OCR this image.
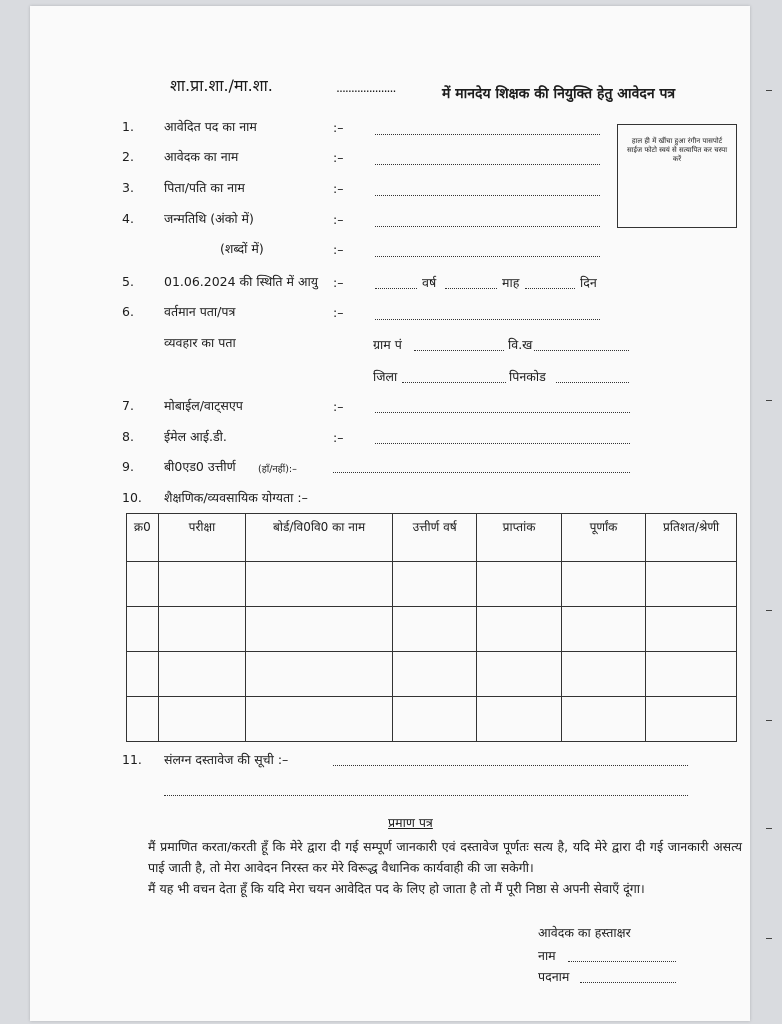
शा.प्रा.शा./मा.शा.	....................	में मानदेय शिक्षक की नियुक्ति हेतु आवेदन पत्र
हाल ही में खींचा हुआ रंगीन पासपोर्ट साईज फोटो स्वयं से सत्यापित कर चस्पा करें
1. आवेदित पद का नाम	:–
2. आवेदक का नाम	:–
3. पिता/पति का नाम	:–
4. जन्मतिथि (अंको में)	:–
(शब्दों में)	:–
5. 01.06.2024 की स्थिति में आयु :–	वर्ष	माह	दिन
6. वर्तमान पता/पत्र	:–
व्यवहार का पता	ग्राम पं	वि.ख
जिला	पिनकोड
7. मोबाईल/वाट्सएप	:–
8. ईमेल आई.डी.	:–
9. बी0एड0 उत्तीर्ण (हाँ/नहीं):–
10. शैक्षणिक/व्यवसायिक योग्यता :–
क्र0	परीक्षा	बोर्ड/वि0वि0 का नाम	उत्तीर्ण वर्ष	प्राप्तांक	पूर्णांक	प्रतिशत/श्रेणी

11. संलग्न दस्तावेज की सूची :–
प्रमाण पत्र
मैं प्रमाणित करता/करती हूँ कि मेरे द्वारा दी गई सम्पूर्ण जानकारी एवं दस्तावेज पूर्णतः सत्य है, यदि मेरे द्वारा दी गई जानकारी असत्य पाई जाती है, तो मेरा आवेदन निरस्त कर मेरे विरूद्ध वैधानिक कार्यवाही की जा सकेगी।
मैं यह भी वचन देता हूँ कि यदि मेरा चयन आवेदित पद के लिए हो जाता है तो मैं पूरी निष्ठा से अपनी सेवाएँ दूंगा।
आवेदक का हस्ताक्षर
नाम
पदनाम
